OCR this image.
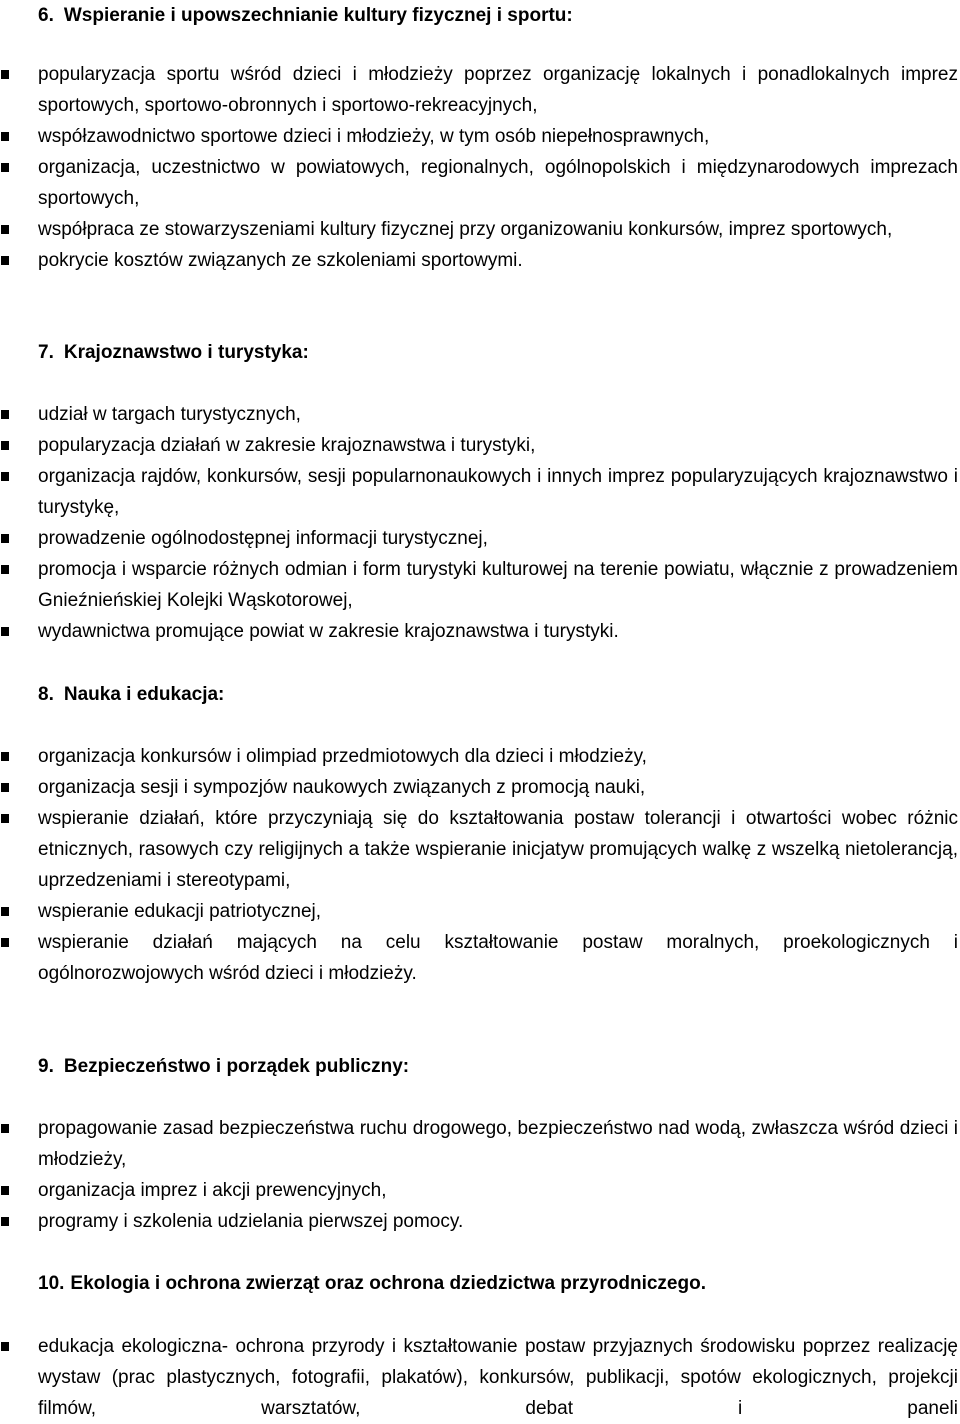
6. Wspieranie i upowszechnianie kultury fizycznej i sportu:
popularyzacja sportu wśród dzieci i młodzieży poprzez organizację lokalnych i ponadlokalnych imprez sportowych, sportowo-obronnych i sportowo-rekreacyjnych,
współzawodnictwo sportowe dzieci i młodzieży, w tym osób niepełnosprawnych,
organizacja, uczestnictwo w powiatowych, regionalnych, ogólnopolskich i międzynarodowych imprezach sportowych,
współpraca ze stowarzyszeniami kultury fizycznej przy organizowaniu konkursów, imprez sportowych,
pokrycie kosztów związanych ze szkoleniami sportowymi.
7. Krajoznawstwo i turystyka:
udział w targach turystycznych,
popularyzacja działań w zakresie krajoznawstwa i turystyki,
organizacja rajdów, konkursów, sesji popularnonaukowych i innych imprez popularyzujących krajoznawstwo i turystykę,
prowadzenie ogólnodostępnej informacji turystycznej,
promocja i wsparcie różnych odmian i form turystyki kulturowej na terenie powiatu, włącznie z prowadzeniem Gnieźnieńskiej Kolejki Wąskotorowej,
wydawnictwa promujące powiat w zakresie krajoznawstwa i turystyki.
8. Nauka i edukacja:
organizacja konkursów i olimpiad przedmiotowych dla dzieci i młodzieży,
organizacja sesji i sympozjów naukowych związanych z promocją nauki,
wspieranie działań, które przyczyniają się do kształtowania postaw tolerancji i otwartości wobec różnic etnicznych, rasowych czy religijnych a także wspieranie inicjatyw promujących walkę z wszelką nietolerancją, uprzedzeniami i stereotypami,
wspieranie edukacji patriotycznej,
wspieranie działań mających na celu kształtowanie postaw moralnych, proekologicznych i ogólnorozwojowych wśród dzieci i młodzieży.
9. Bezpieczeństwo i porządek publiczny:
propagowanie zasad bezpieczeństwa ruchu drogowego, bezpieczeństwo nad wodą, zwłaszcza wśród dzieci i młodzieży,
organizacja imprez i akcji prewencyjnych,
programy i szkolenia udzielania pierwszej pomocy.
10. Ekologia i ochrona zwierząt oraz ochrona dziedzictwa przyrodniczego.
edukacja ekologiczna- ochrona przyrody i kształtowanie postaw przyjaznych środowisku poprzez realizację wystaw (prac plastycznych, fotografii, plakatów), konkursów, publikacji, spotów ekologicznych, projekcji filmów, warsztatów, debat i paneli
